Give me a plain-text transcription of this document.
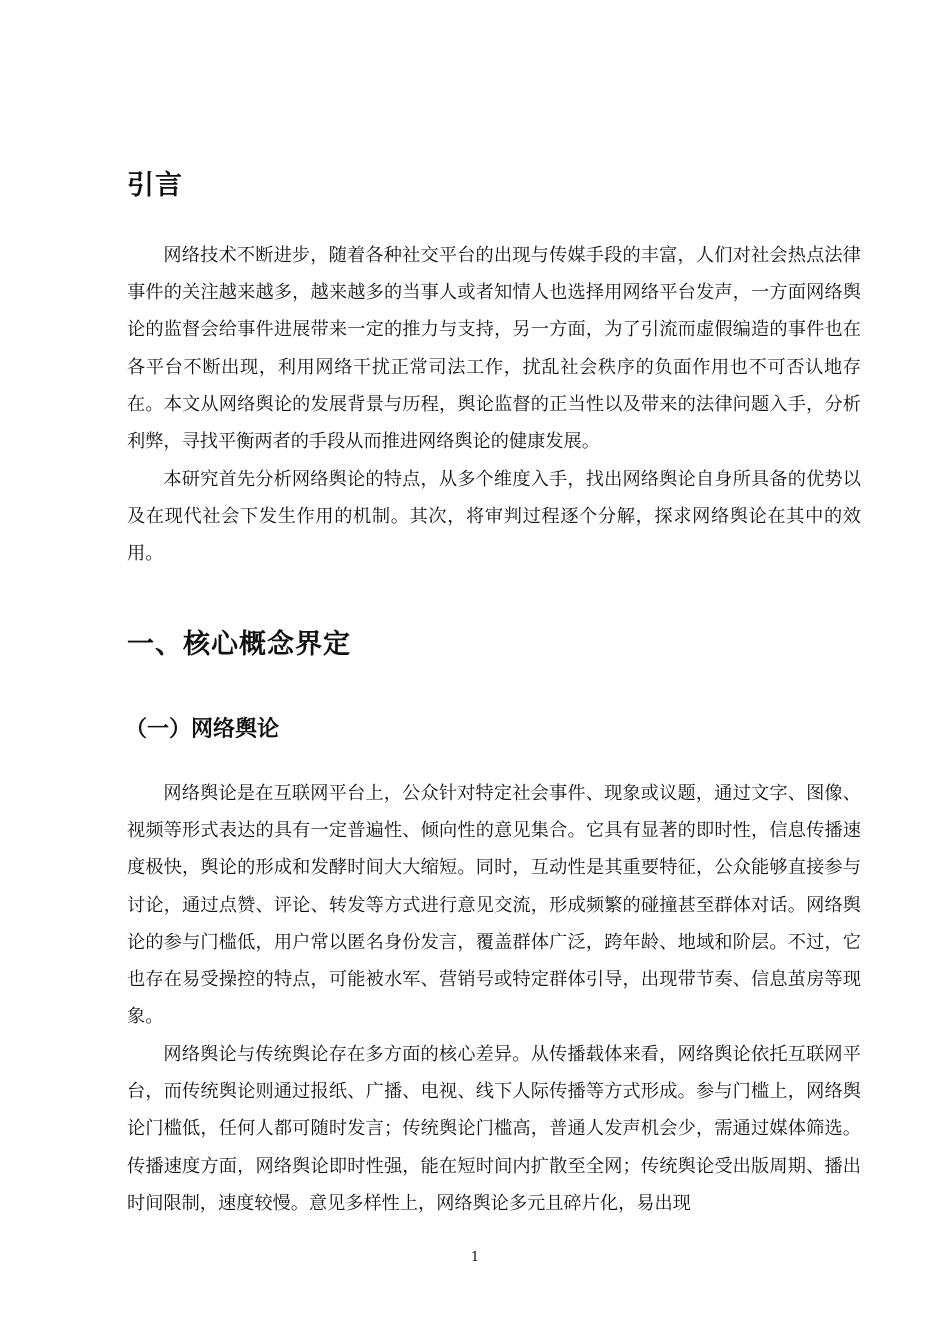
引言

网络技术不断进步，随着各种社交平台的出现与传媒手段的丰富，人们对社会热点法律事件的关注越来越多，越来越多的当事人或者知情人也选择用网络平台发声，一方面网络舆论的监督会给事件进展带来一定的推力与支持，另一方面，为了引流而虚假编造的事件也在各平台不断出现，利用网络干扰正常司法工作，扰乱社会秩序的负面作用也不可否认地存在。本文从网络舆论的发展背景与历程，舆论监督的正当性以及带来的法律问题入手，分析利弊，寻找平衡两者的手段从而推进网络舆论的健康发展。

本研究首先分析网络舆论的特点，从多个维度入手，找出网络舆论自身所具备的优势以及在现代社会下发生作用的机制。其次，将审判过程逐个分解，探求网络舆论在其中的效用。

一、核心概念界定
（一）网络舆论

网络舆论是在互联网平台上，公众针对特定社会事件、现象或议题，通过文字、图像、视频等形式表达的具有一定普遍性、倾向性的意见集合。它具有显著的即时性，信息传播速度极快，舆论的形成和发酵时间大大缩短。同时，互动性是其重要特征，公众能够直接参与讨论，通过点赞、评论、转发等方式进行意见交流，形成频繁的碰撞甚至群体对话。网络舆论的参与门槛低，用户常以匿名身份发言，覆盖群体广泛，跨年龄、地域和阶层。不过，它也存在易受操控的特点，可能被水军、营销号或特定群体引导，出现带节奏、信息茧房等现象。

网络舆论与传统舆论存在多方面的核心差异。从传播载体来看，网络舆论依托互联网平台，而传统舆论则通过报纸、广播、电视、线下人际传播等方式形成。参与门槛上，网络舆论门槛低，任何人都可随时发言；传统舆论门槛高，普通人发声机会少，需通过媒体筛选。传播速度方面，网络舆论即时性强，能在短时间内扩散至全网；传统舆论受出版周期、播出时间限制，速度较慢。意见多样性上，网络舆论多元且碎片化，易出现

1
